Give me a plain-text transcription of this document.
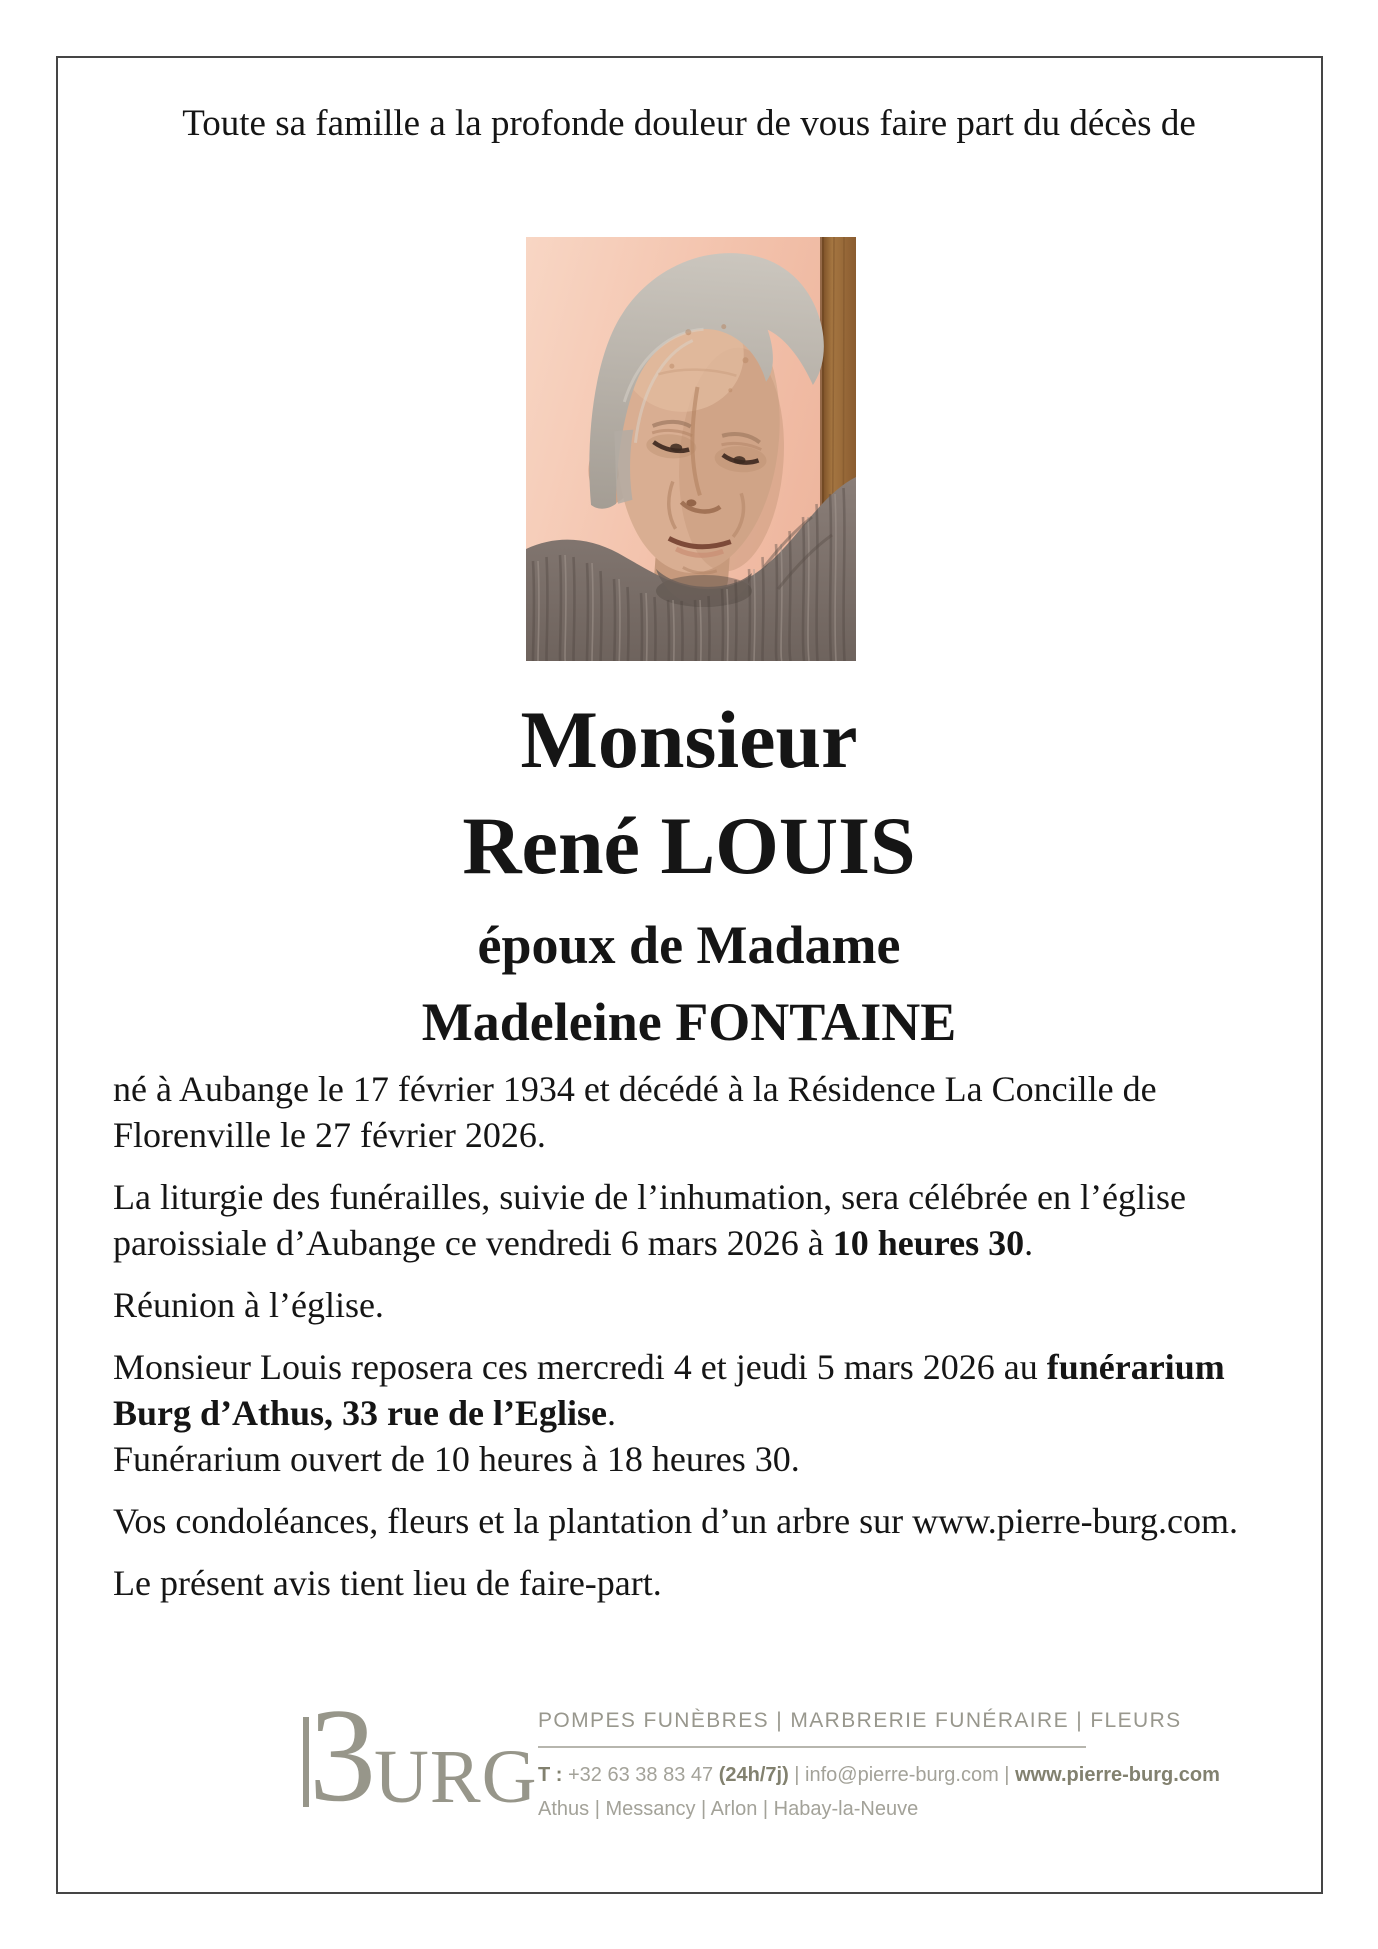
Toute sa famille a la profonde douleur de vous faire part du décès de
Monsieur
René LOUIS
époux de Madame
Madeleine FONTAINE

né à Aubange le 17 février 1934 et décédé à la Résidence La Concille de
Florenville le 27 février 2026.

La liturgie des funérailles, suivie de l’inhumation, sera célébrée en l’église
paroissiale d’Aubange ce vendredi 6 mars 2026 à 10 heures 30.

Réunion à l’église.

Monsieur Louis reposera ces mercredi 4 et jeudi 5 mars 2026 au funérarium
Burg d’Athus, 33 rue de l’Eglise.
Funérarium ouvert de 10 heures à 18 heures 30.

Vos condoléances, fleurs et la plantation d’un arbre sur www.pierre-burg.com.

Le présent avis tient lieu de faire-part.

3
URG
POMPES FUNÈBRES | MARBRERIE FUNÉRAIRE | FLEURS
T : +32 63 38 83 47 (24h/7j) | info@pierre-burg.com | www.pierre-burg.com
Athus | Messancy | Arlon | Habay-la-Neuve
